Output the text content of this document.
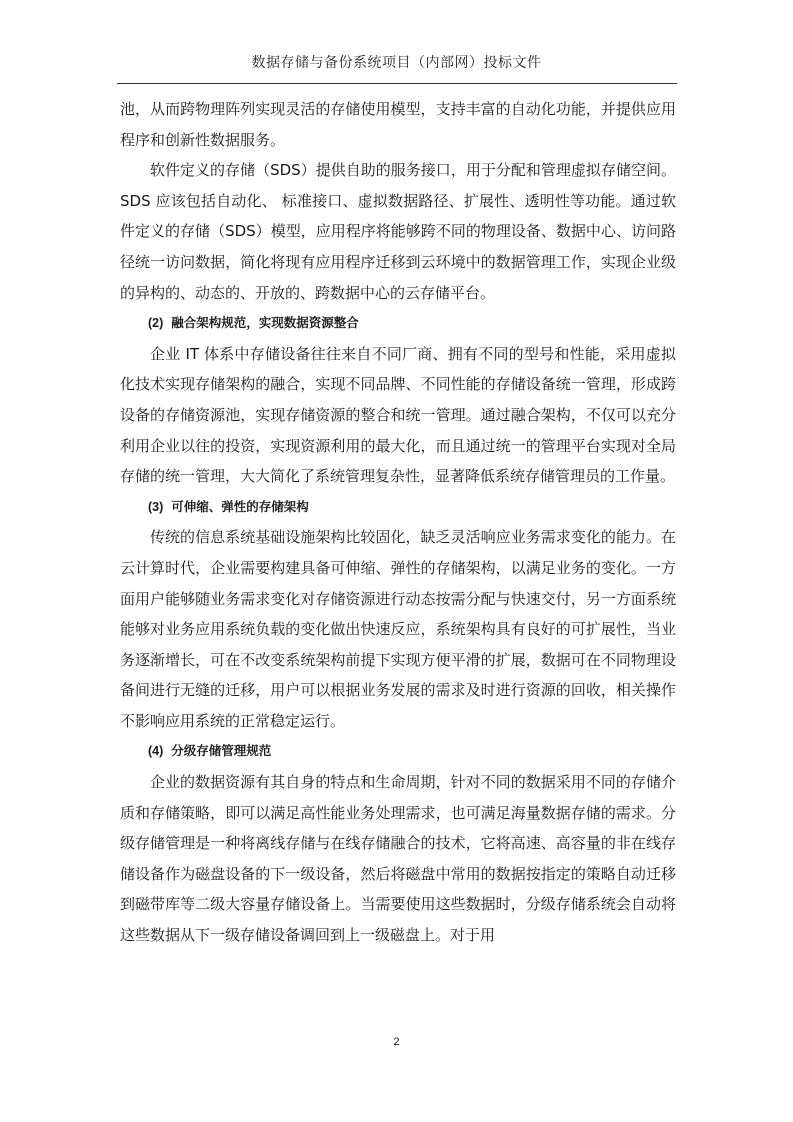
数据存储与备份系统项目（内部网）投标文件

池，从而跨物理阵列实现灵活的存储使用模型，支持丰富的自动化功能，并提供应用程序和创新性数据服务。

软件定义的存储（SDS）提供自助的服务接口，用于分配和管理虚拟存储空间。SDS 应该包括自动化、 标准接口、虚拟数据路径、扩展性、透明性等功能。通过软件定义的存储（SDS）模型，应用程序将能够跨不同的物理设备、数据中心、访问路径统一访问数据，简化将现有应用程序迁移到云环境中的数据管理工作，实现企业级的异构的、动态的、开放的、跨数据中心的云存储平台。

(2) 融合架构规范，实现数据资源整合

企业 IT 体系中存储设备往往来自不同厂商、拥有不同的型号和性能，采用虚拟化技术实现存储架构的融合，实现不同品牌、不同性能的存储设备统一管理，形成跨设备的存储资源池，实现存储资源的整合和统一管理。通过融合架构，不仅可以充分利用企业以往的投资，实现资源利用的最大化，而且通过统一的管理平台实现对全局存储的统一管理，大大简化了系统管理复杂性，显著降低系统存储管理员的工作量。

(3) 可伸缩、弹性的存储架构

传统的信息系统基础设施架构比较固化，缺乏灵活响应业务需求变化的能力。在云计算时代，企业需要构建具备可伸缩、弹性的存储架构，以满足业务的变化。一方面用户能够随业务需求变化对存储资源进行动态按需分配与快速交付，另一方面系统能够对业务应用系统负载的变化做出快速反应，系统架构具有良好的可扩展性，当业务逐渐增长，可在不改变系统架构前提下实现方便平滑的扩展，数据可在不同物理设备间进行无缝的迁移，用户可以根据业务发展的需求及时进行资源的回收，相关操作不影响应用系统的正常稳定运行。

(4) 分级存储管理规范

企业的数据资源有其自身的特点和生命周期，针对不同的数据采用不同的存储介质和存储策略，即可以满足高性能业务处理需求，也可满足海量数据存储的需求。分级存储管理是一种将离线存储与在线存储融合的技术，它将高速、高容量的非在线存储设备作为磁盘设备的下一级设备，然后将磁盘中常用的数据按指定的策略自动迁移到磁带库等二级大容量存储设备上。当需要使用这些数据时，分级存储系统会自动将这些数据从下一级存储设备调回到上一级磁盘上。对于用

2
